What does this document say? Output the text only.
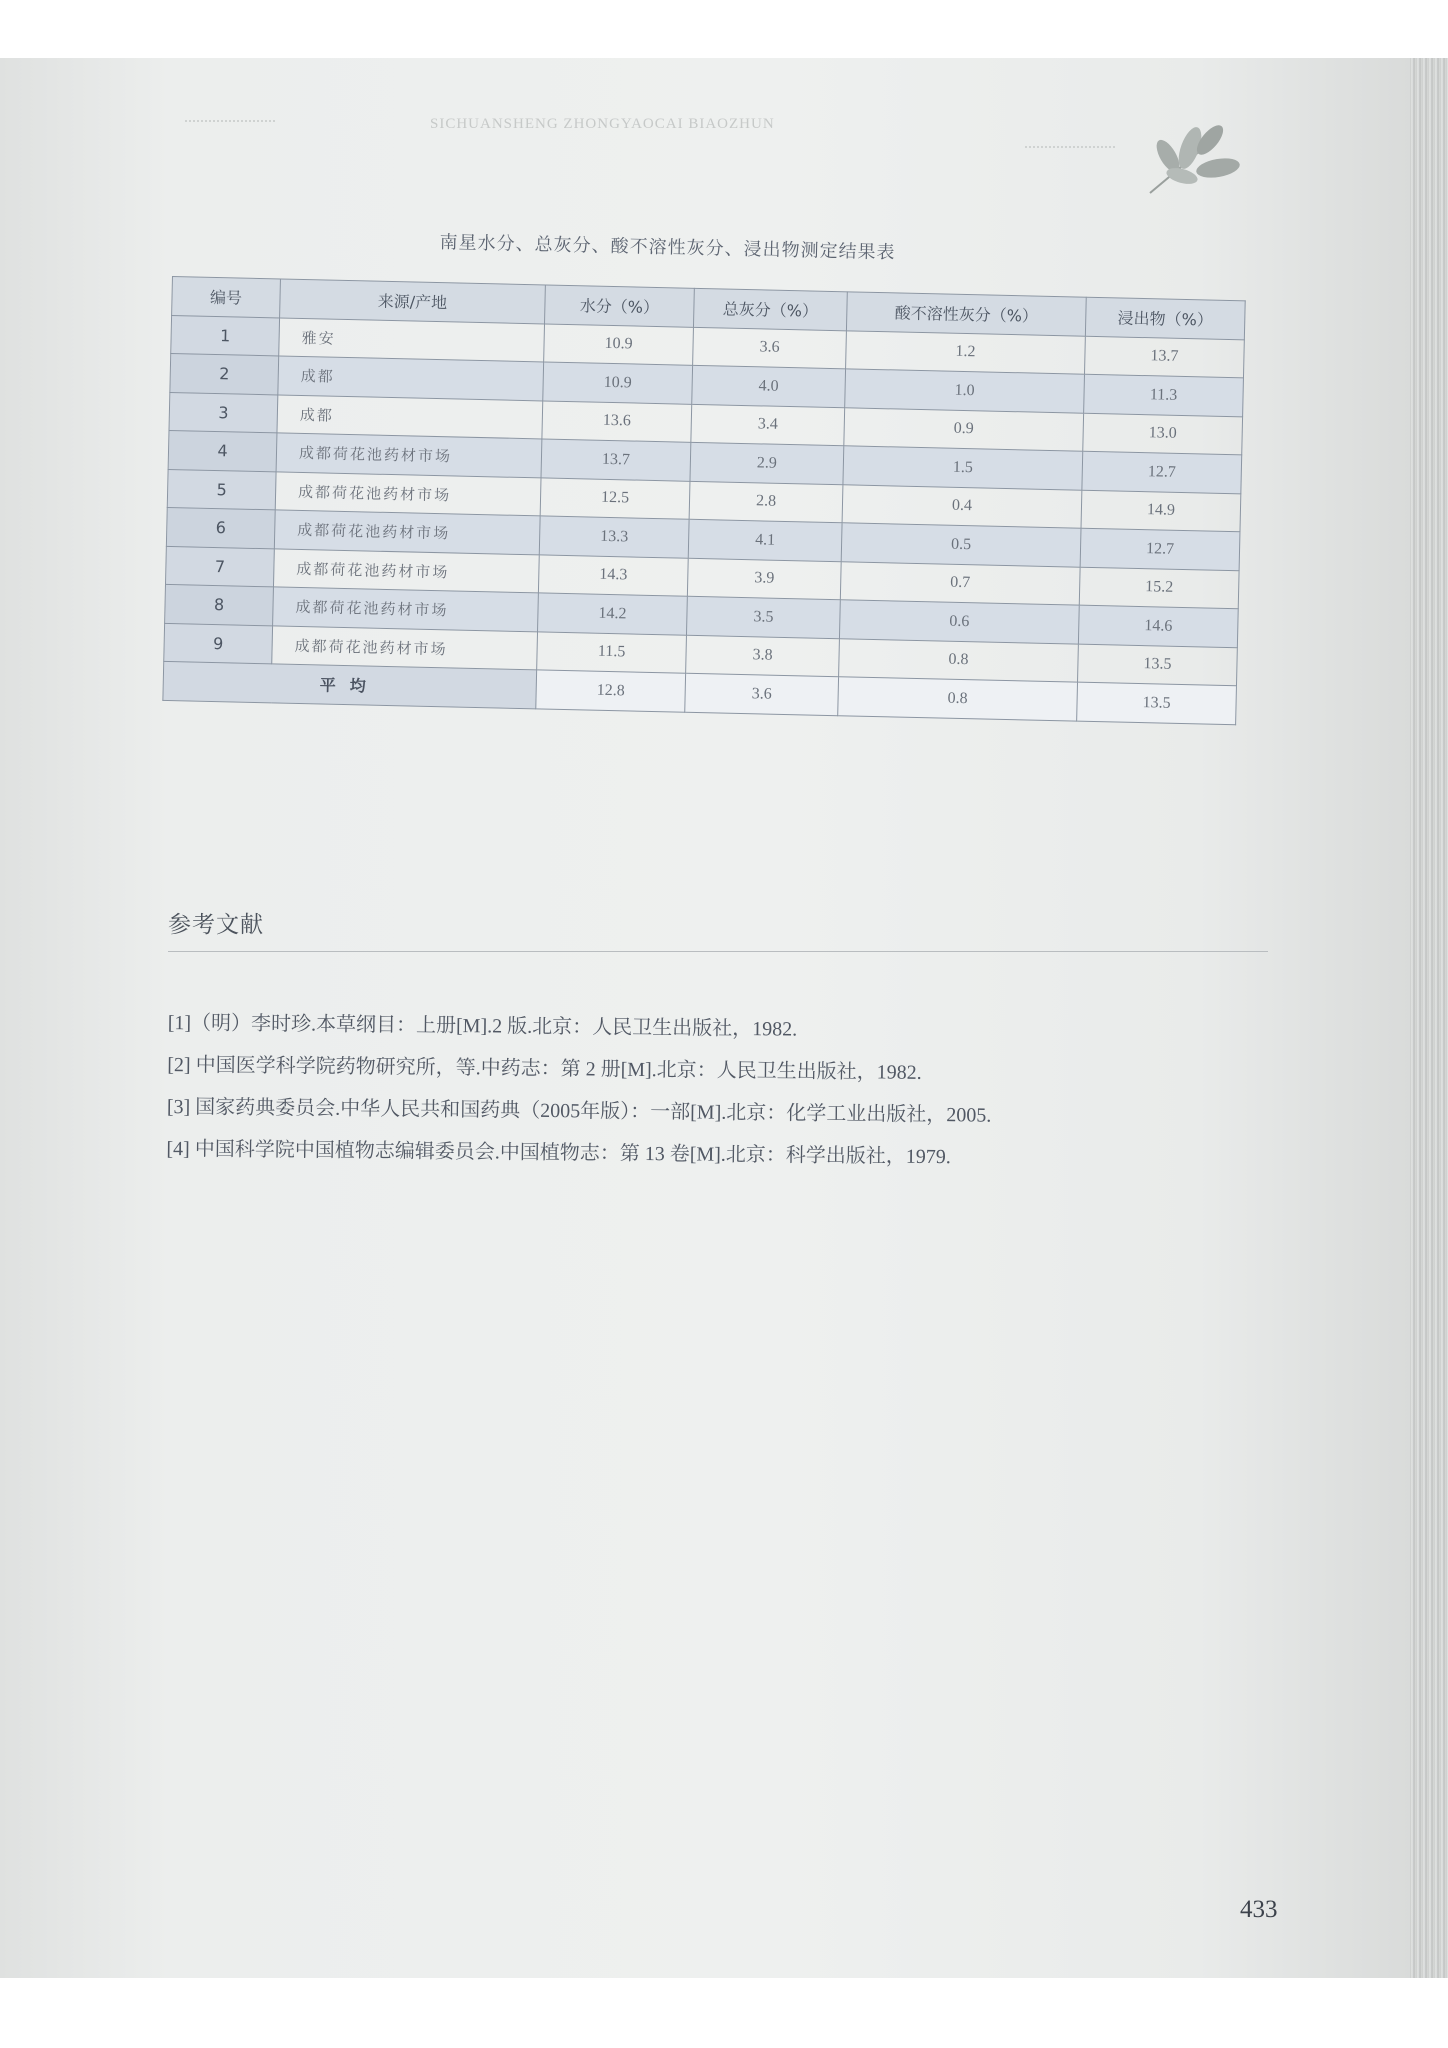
SICHUANSHENG ZHONGYAOCAI BIAOZHUN
南星水分、总灰分、酸不溶性灰分、浸出物测定结果表
编号	来源/产地	水分（%）	总灰分（%）	酸不溶性灰分（%）	浸出物（%）
1	雅安	10.9	3.6	1.2	13.7
2	成都	10.9	4.0	1.0	11.3
3	成都	13.6	3.4	0.9	13.0
4	成都荷花池药材市场	13.7	2.9	1.5	12.7
5	成都荷花池药材市场	12.5	2.8	0.4	14.9
6	成都荷花池药材市场	13.3	4.1	0.5	12.7
7	成都荷花池药材市场	14.3	3.9	0.7	15.2
8	成都荷花池药材市场	14.2	3.5	0.6	14.6
9	成都荷花池药材市场	11.5	3.8	0.8	13.5
平均		12.8	3.6	0.8	13.5
参考文献
[1]（明）李时珍.本草纲目：上册[M].2 版.北京：人民卫生出版社，1982.
[2] 中国医学科学院药物研究所，等.中药志：第 2 册[M].北京：人民卫生出版社，1982.
[3] 国家药典委员会.中华人民共和国药典（2005年版）：一部[M].北京：化学工业出版社，2005.
[4] 中国科学院中国植物志编辑委员会.中国植物志：第 13 卷[M].北京：科学出版社，1979.
433
